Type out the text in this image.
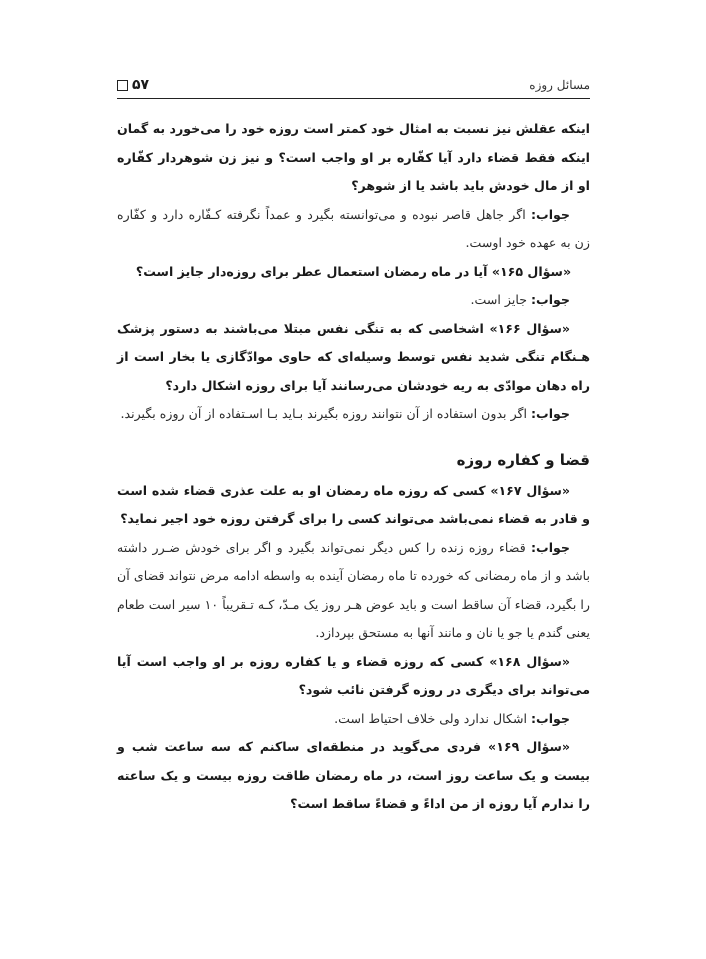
مسائل روزه
۵۷

اینکه عقلش نیز نسبت به امثال خود کمتر است روزه خود را می‌خورد به گمان اینکه فقط قضاء دارد آیا کفّاره بر او واجب است؟ و نیز زن شوهردار کفّاره او از مال خودش باید باشد یا از شوهر؟

جواب: اگر جاهل قاصر نبوده و می‌توانسته بگیرد و عمداً نگرفته کـفّاره دارد و کفّاره زن به عهده خود اوست.

«سؤال ۱۶۵» آیا در ماه رمضان استعمال عطر برای روزه‌دار جایز است؟

جواب: جایز است.

«سؤال ۱۶۶» اشخاصی که به تنگی نفس مبتلا می‌باشند به دستور پزشک هـنگام تنگی شدید نفس توسط وسیله‌ای که حاوی موادّگازی یا بخار است از راه دهان موادّی به ریه خودشان می‌رسانند آیا برای روزه اشکال دارد؟

جواب: اگر بدون استفاده از آن نتوانند روزه بگیرند بـاید بـا اسـتفاده از آن روزه بگیرند.

قضا و کفاره روزه

«سؤال ۱۶۷» کسی که روزه ماه رمضان او به علت عذری قضاء شده است و قادر به قضاء نمی‌باشد می‌تواند کسی را برای گرفتن روزه خود اجیر نماید؟

جواب: قضاء روزه زنده را کس دیگر نمی‌تواند بگیرد و اگر برای خودش ضـرر داشته باشد و از ماه رمضانی که خورده تا ماه رمضان آینده به واسطه ادامه مرض نتواند قضای آن را بگیرد، قضاء آن ساقط است و باید عوض هـر روز یک مـدّ، کـه تـقریباً ۱۰ سیر است طعام یعنی گندم یا جو یا نان و مانند آنها به مستحق بپردازد.

«سؤال ۱۶۸» کسی که روزه قضاء و یا کفاره روزه بر او واجب است آیا می‌تواند برای دیگری در روزه گرفتن نائب شود؟

جواب: اشکال ندارد ولی خلاف احتیاط است.

«سؤال ۱۶۹» فردی می‌گوید در منطقه‌ای ساکنم که سه ساعت شب و بیست و یک ساعت روز است، در ماه رمضان طاقت روزه بیست و یک ساعته را ندارم آیا روزه از من اداءً و قضاءً ساقط است؟
